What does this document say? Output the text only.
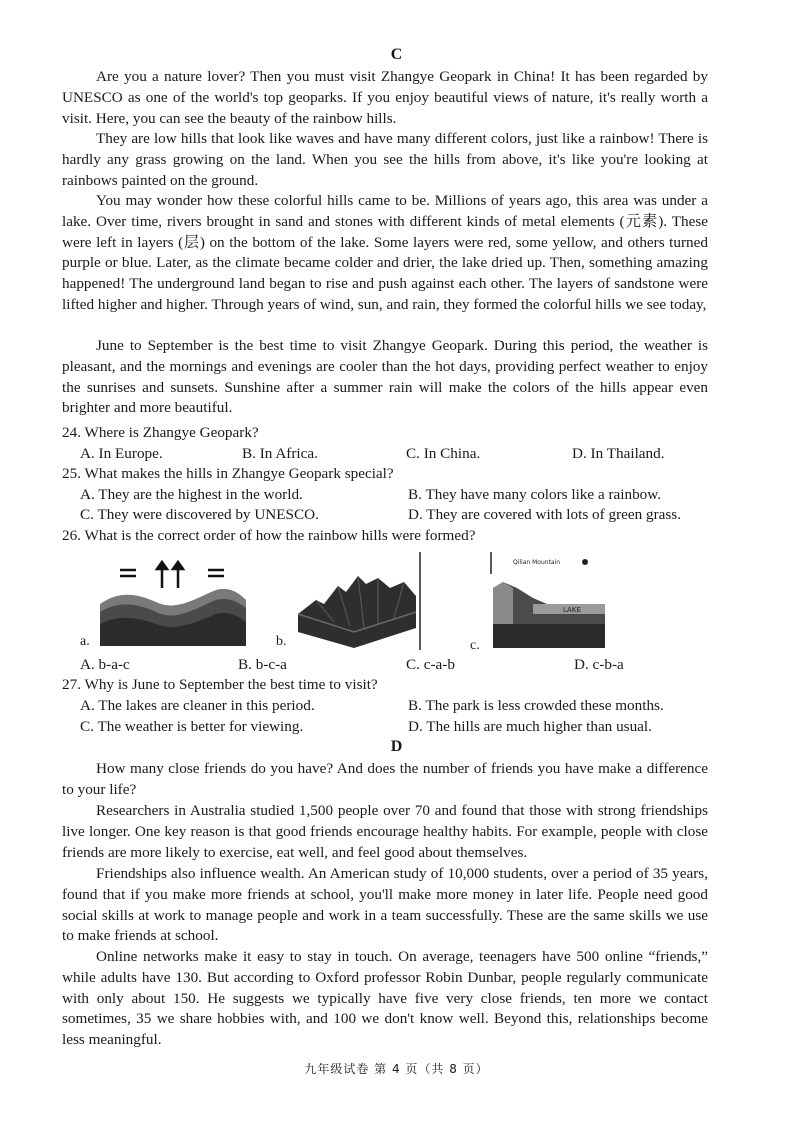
C

Are you a nature lover? Then you must visit Zhangye Geopark in China! It has been regarded by UNESCO as one of the world's top geoparks. If you enjoy beautiful views of nature, it's really worth a visit. Here, you can see the beauty of the rainbow hills.

They are low hills that look like waves and have many different colors, just like a rainbow! There is hardly any grass growing on the land. When you see the hills from above, it's like you're looking at rainbows painted on the ground.

You may wonder how these colorful hills came to be. Millions of years ago, this area was under a lake. Over time, rivers brought in sand and stones with different kinds of metal elements (元素). These were left in layers (层) on the bottom of the lake. Some layers were red, some yellow, and others turned purple or blue. Later, as the climate became colder and drier, the lake dried up. Then, something amazing happened! The underground land began to rise and push against each other. The layers of sandstone were lifted higher and higher. Through years of wind, sun, and rain, they formed the colorful hills we see today,

June to September is the best time to visit Zhangye Geopark. During this period, the weather is pleasant, and the mornings and evenings are cooler than the hot days, providing perfect weather to enjoy the sunrises and sunsets. Sunshine after a summer rain will make the colors of the hills appear even brighter and more beautiful.

24. Where is Zhangye Geopark?
A. In Europe.	B. In Africa.	C. In China.	D. In Thailand.
25. What makes the hills in Zhangye Geopark special?
A. They are the highest in the world.	B. They have many colors like a rainbow.
C. They were discovered by UNESCO.	D. They are covered with lots of green grass.
26. What is the correct order of how the rainbow hills were formed?
a.	b.
Qilian Mountain
LAKE
c.
A. b-a-c	B. b-c-a	C. c-a-b	D. c-b-a
27. Why is June to September the best time to visit?
A. The lakes are cleaner in this period.	B. The park is less crowded these months.
C. The weather is better for viewing.	D. The hills are much higher than usual.
D

How many close friends do you have? And does the number of friends you have make a difference to your life?

Researchers in Australia studied 1,500 people over 70 and found that those with strong friendships live longer. One key reason is that good friends encourage healthy habits. For example, people with close friends are more likely to exercise, eat well, and feel good about themselves.

Friendships also influence wealth. An American study of 10,000 students, over a period of 35 years, found that if you make more friends at school, you'll make more money in later life. People need good social skills at work to manage people and work in a team successfully. These are the same skills we use to make friends at school.

Online networks make it easy to stay in touch. On average, teenagers have 500 online “friends,” while adults have 130. But according to Oxford professor Robin Dunbar, people regularly communicate with only about 150. He suggests we typically have five very close friends, ten more we contact sometimes, 35 we share hobbies with, and 100 we don't know well. Beyond this, relationships become less meaningful.

九年级试卷 第 4 页（共 8 页）
